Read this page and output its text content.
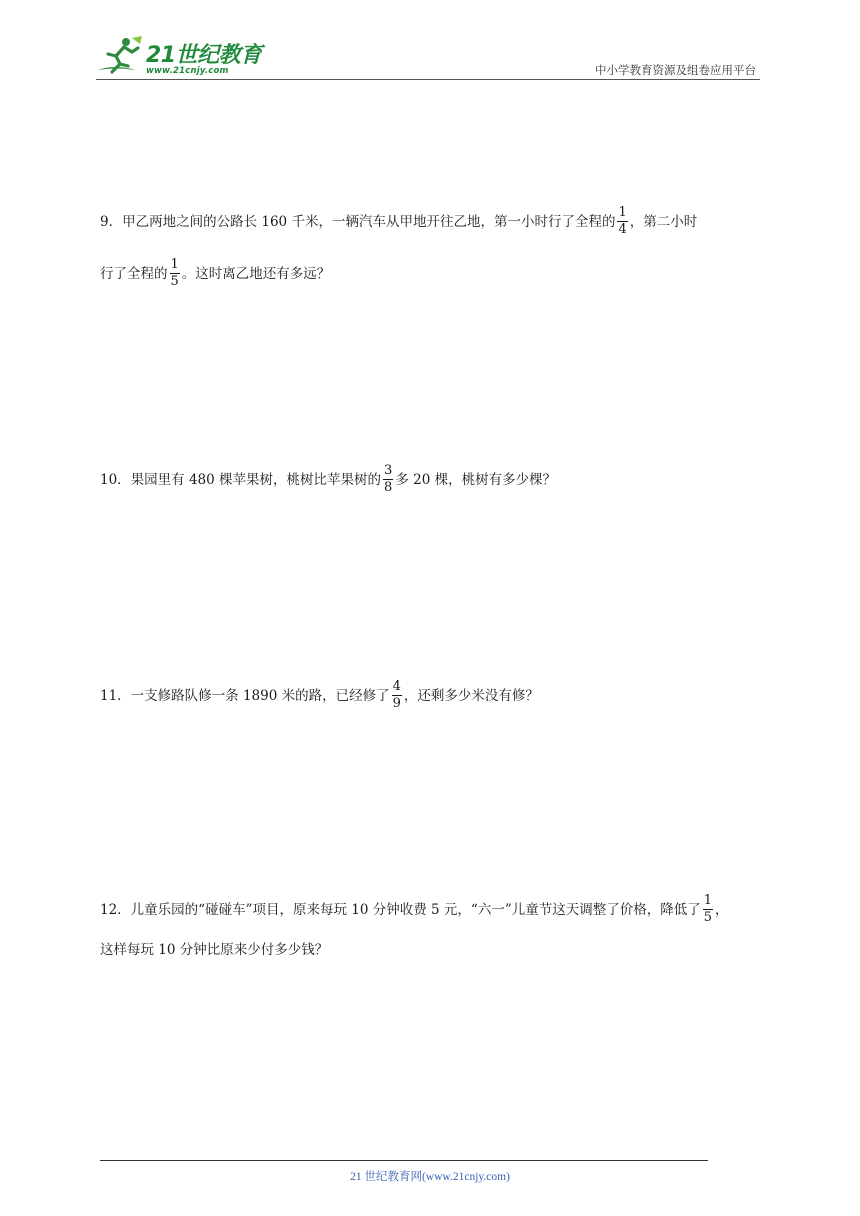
21世纪教育
www.21cnjy.com	中小学教育资源及组卷应用平台
9．甲乙两地之间的公路长 160 千米，一辆汽车从甲地开往乙地，第一小时行了全程的 $\frac{1}{4}$ ，第二小时
行了全程的 $\frac{1}{5}$ 。这时离乙地还有多远？
10．果园里有 480 棵苹果树，桃树比苹果树的 $\frac{3}{8}$ 多 20 棵，桃树有多少棵？
11．一支修路队修一条 1890 米的路，已经修了 $\frac{4}{9}$ ，还剩多少米没有修？
12．儿童乐园的“碰碰车”项目，原来每玩 10 分钟收费 5 元，“六一”儿童节这天调整了价格，降低了 $\frac{1}{5}$ ，
这样每玩 10 分钟比原来少付多少钱？
21 世纪教育网(www.21cnjy.com)
